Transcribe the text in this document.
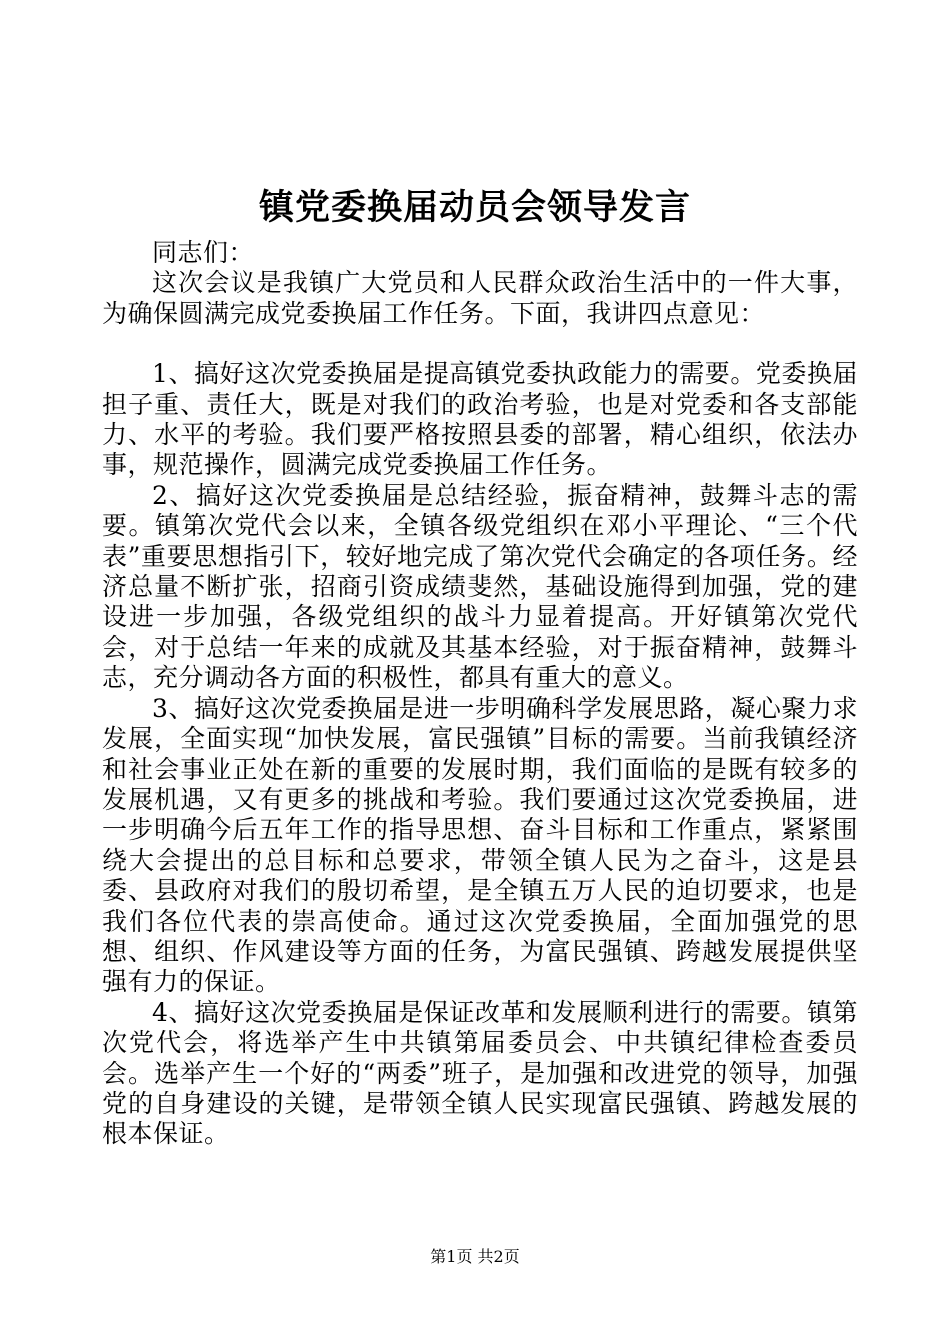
镇党委换届动员会领导发言

同志们：

这次会议是我镇广大党员和人民群众政治生活中的一件大事，为确保圆满完成党委换届工作任务。下面，我讲四点意见：

1、搞好这次党委换届是提高镇党委执政能力的需要。党委换届担子重、责任大，既是对我们的政治考验，也是对党委和各支部能力、水平的考验。我们要严格按照县委的部署，精心组织，依法办事，规范操作，圆满完成党委换届工作任务。

2、搞好这次党委换届是总结经验，振奋精神，鼓舞斗志的需要。镇第次党代会以来，全镇各级党组织在邓小平理论、“三个代表”重要思想指引下，较好地完成了第次党代会确定的各项任务。经济总量不断扩张，招商引资成绩斐然，基础设施得到加强，党的建设进一步加强，各级党组织的战斗力显着提高。开好镇第次党代会，对于总结一年来的成就及其基本经验，对于振奋精神，鼓舞斗志，充分调动各方面的积极性，都具有重大的意义。

3、搞好这次党委换届是进一步明确科学发展思路，凝心聚力求发展，全面实现“加快发展，富民强镇”目标的需要。当前我镇经济和社会事业正处在新的重要的发展时期，我们面临的是既有较多的发展机遇，又有更多的挑战和考验。我们要通过这次党委换届，进一步明确今后五年工作的指导思想、奋斗目标和工作重点，紧紧围绕大会提出的总目标和总要求，带领全镇人民为之奋斗，这是县委、县政府对我们的殷切希望，是全镇五万人民的迫切要求，也是我们各位代表的崇高使命。通过这次党委换届，全面加强党的思想、组织、作风建设等方面的任务，为富民强镇、跨越发展提供坚强有力的保证。

4、搞好这次党委换届是保证改革和发展顺利进行的需要。镇第次党代会，将选举产生中共镇第届委员会、中共镇纪律检查委员会。选举产生一个好的“两委”班子，是加强和改进党的领导，加强党的自身建设的关键，是带领全镇人民实现富民强镇、跨越发展的根本保证。

第1页 共2页
